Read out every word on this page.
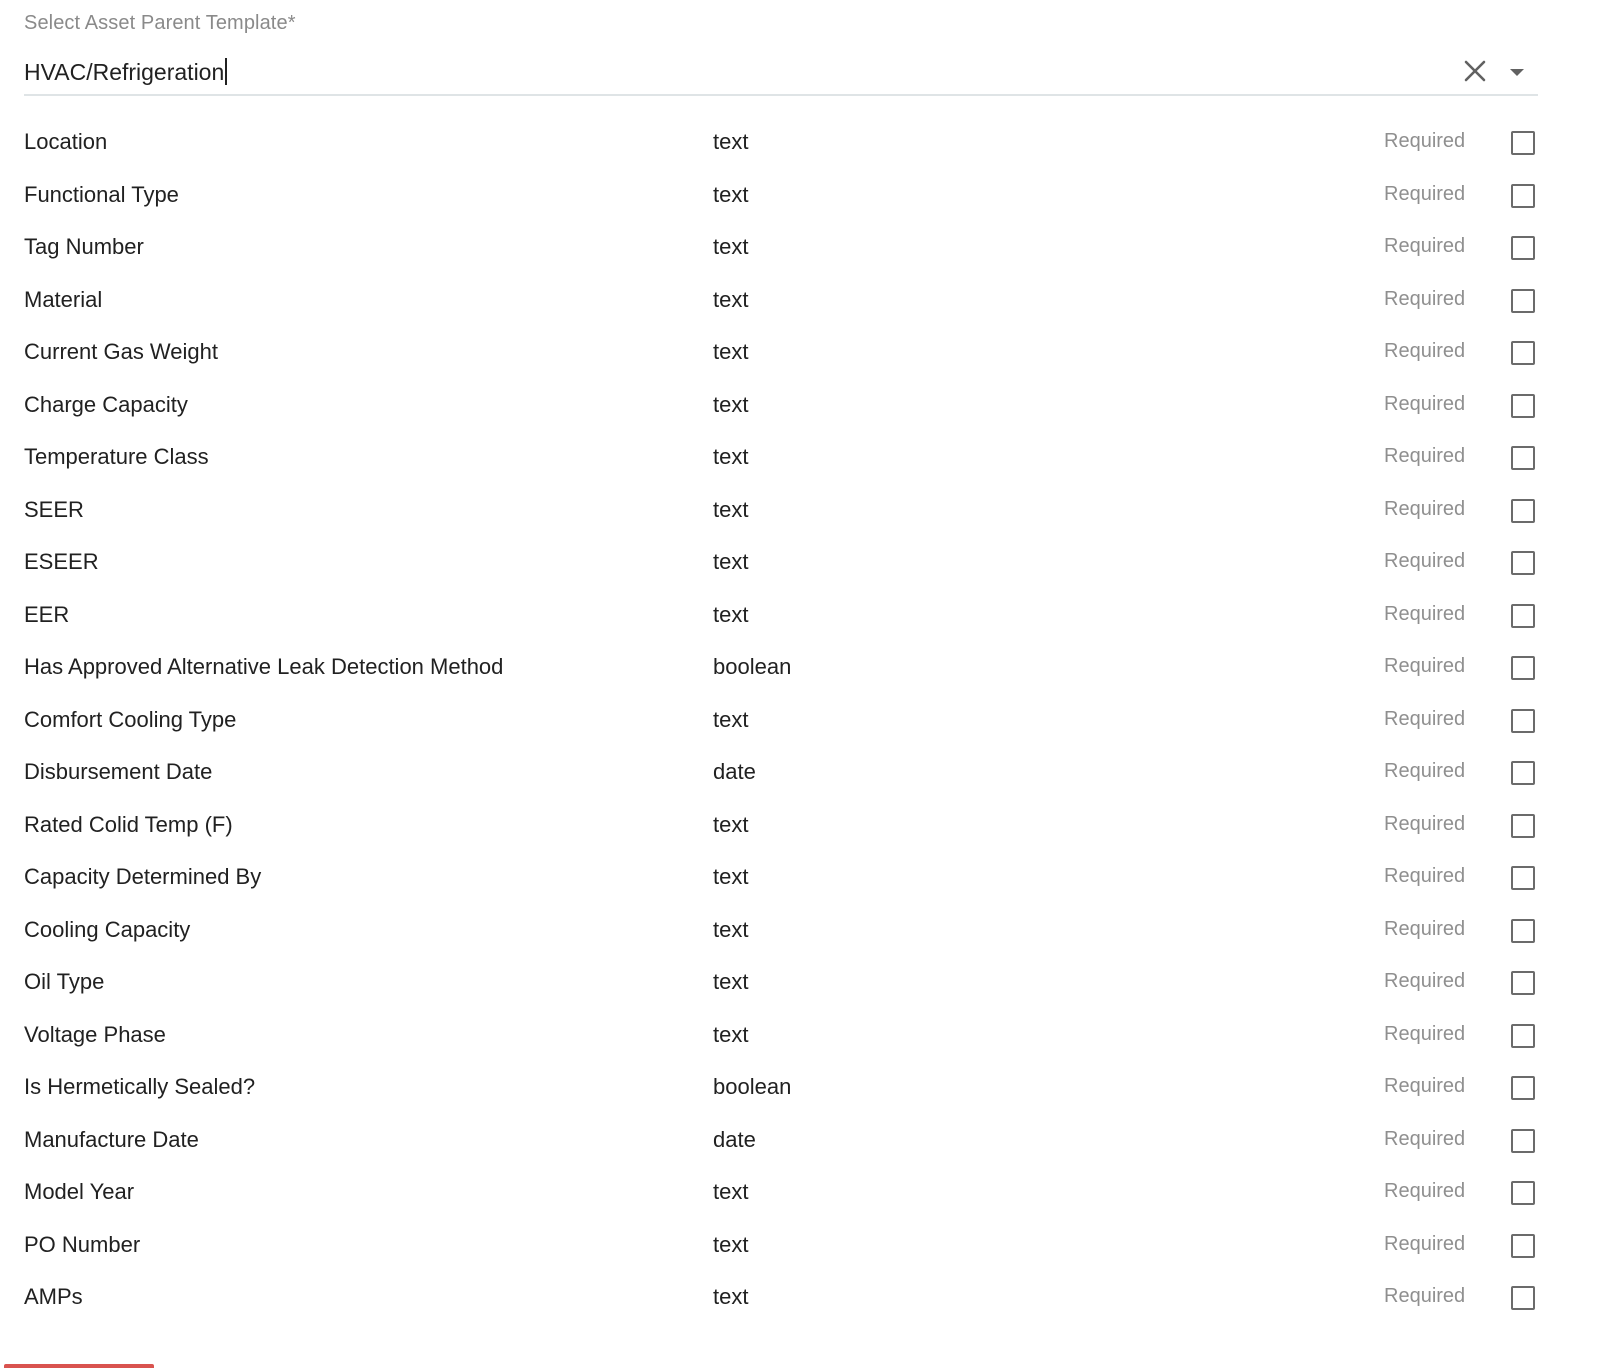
Select Asset Parent Template*
HVAC/Refrigeration
Location	text	Required
Functional Type	text	Required
Tag Number	text	Required
Material	text	Required
Current Gas Weight	text	Required
Charge Capacity	text	Required
Temperature Class	text	Required
SEER	text	Required
ESEER	text	Required
EER	text	Required
Has Approved Alternative Leak Detection Method	boolean	Required
Comfort Cooling Type	text	Required
Disbursement Date	date	Required
Rated Colid Temp (F)	text	Required
Capacity Determined By	text	Required
Cooling Capacity	text	Required
Oil Type	text	Required
Voltage Phase	text	Required
Is Hermetically Sealed?	boolean	Required
Manufacture Date	date	Required
Model Year	text	Required
PO Number	text	Required
AMPs	text	Required
